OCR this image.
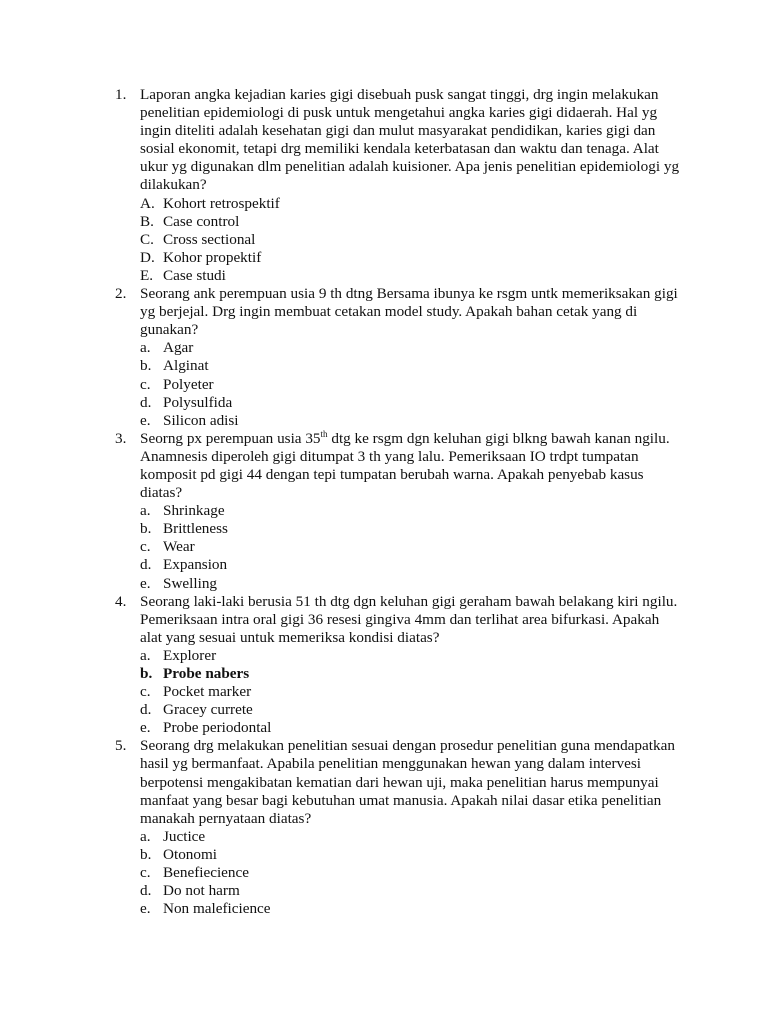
1. Laporan angka kejadian karies gigi disebuah pusk sangat tinggi, drg ingin melakukan penelitian epidemiologi di pusk untuk mengetahui angka karies gigi didaerah. Hal yg ingin diteliti adalah kesehatan gigi dan mulut masyarakat pendidikan, karies gigi dan sosial ekonomit, tetapi drg memiliki kendala keterbatasan dan waktu dan tenaga. Alat ukur yg digunakan dlm penelitian adalah kuisioner. Apa jenis penelitian epidemiologi yg dilakukan?

A. Kohort retrospektif
B. Case control
C. Cross sectional
D. Kohor propektif
E. Case studi
2. Seorang ank perempuan usia 9 th dtng Bersama ibunya ke rsgm untk memeriksakan gigi yg berjejal. Drg ingin membuat cetakan model study. Apakah bahan cetak yang di gunakan?

a. Agar
b. Alginat
c. Polyeter
d. Polysulfida
e. Silicon adisi
3. Seorng px perempuan usia 35th dtg ke rsgm dgn keluhan gigi blkng bawah kanan ngilu. Anamnesis diperoleh gigi ditumpat 3 th yang lalu. Pemeriksaan IO trdpt tumpatan komposit pd gigi 44 dengan tepi tumpatan berubah warna. Apakah penyebab kasus diatas?

a. Shrinkage
b. Brittleness
c. Wear
d. Expansion
e. Swelling
4. Seorang laki-laki berusia 51 th dtg dgn keluhan gigi geraham bawah belakang kiri ngilu. Pemeriksaan intra oral gigi 36 resesi gingiva 4mm dan terlihat area bifurkasi. Apakah alat yang sesuai untuk memeriksa kondisi diatas?

a. Explorer
b. Probe nabers
c. Pocket marker
d. Gracey currete
e. Probe periodontal
5. Seorang drg melakukan penelitian sesuai dengan prosedur penelitian guna mendapatkan hasil yg bermanfaat. Apabila penelitian menggunakan hewan yang dalam intervesi berpotensi mengakibatan kematian dari hewan uji, maka penelitian harus mempunyai manfaat yang besar bagi kebutuhan umat manusia. Apakah nilai dasar etika penelitian manakah pernyataan diatas?

a. Juctice
b. Otonomi
c. Benefiecience
d. Do not harm
e. Non maleficience
